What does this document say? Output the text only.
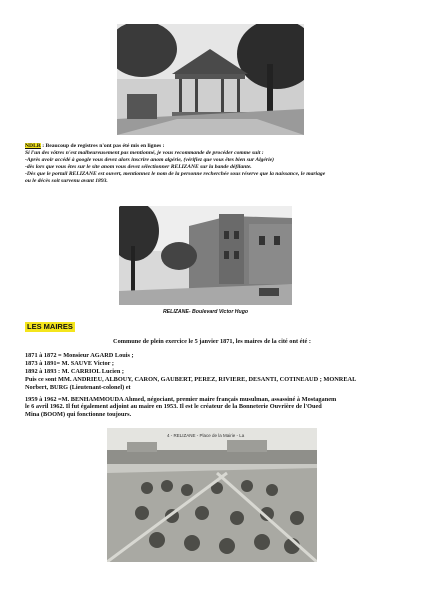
NDLR : Beaucoup de registres n'ont pas été mis en lignes :
Si l'un des vôtres n'est malheureusement pas mentionné, je vous recommande de procéder comme suit :
-Après avoir accédé à google vous devez alors inscrire anom algérie, (vérifiez que vous êtes bien sur Algérie)
-dès lors que vous êtes sur le site anom vous devez sélectionner RELIZANE sur la bande défilante.
-Dès que le portail RELIZANE est ouvert, mentionnez le nom de la personne recherchée sous réserve que la naissance, le mariage
ou le décès soit survenu avant 1893.
RELIZANE- Boulevard Victor Hugo
LES MAIRES
Commune de plein exercice le 5 janvier 1871, les maires de la cité ont été :
1871 à 1872 = Monsieur AGARD Louis ;
1873 à 1891= M. SAUVE Victor ;
1892 à 1893 : M. CARRIOL Lucien ;
Puis ce sont MM. ANDRIEU, ALBOUY, CARON, GAUBERT, PEREZ, RIVIERE, DESANTI, COTINEAUD ; MONREAL
Norbert, BURG (Lieutenant-colonel) et
1959 à 1962 =M. BENHAMMOUDA Ahmed, négociant, premier maire français musulman, assassiné à Mostaganem
le 6 avril 1962. Il fut également adjoint au maire en 1953. Il est le créateur de la Bonneterie Ouvrière de l'Oued
Mina (BOOM) qui fonctionne toujours.
4 - RELIZANE - Place de la Mairie - La
